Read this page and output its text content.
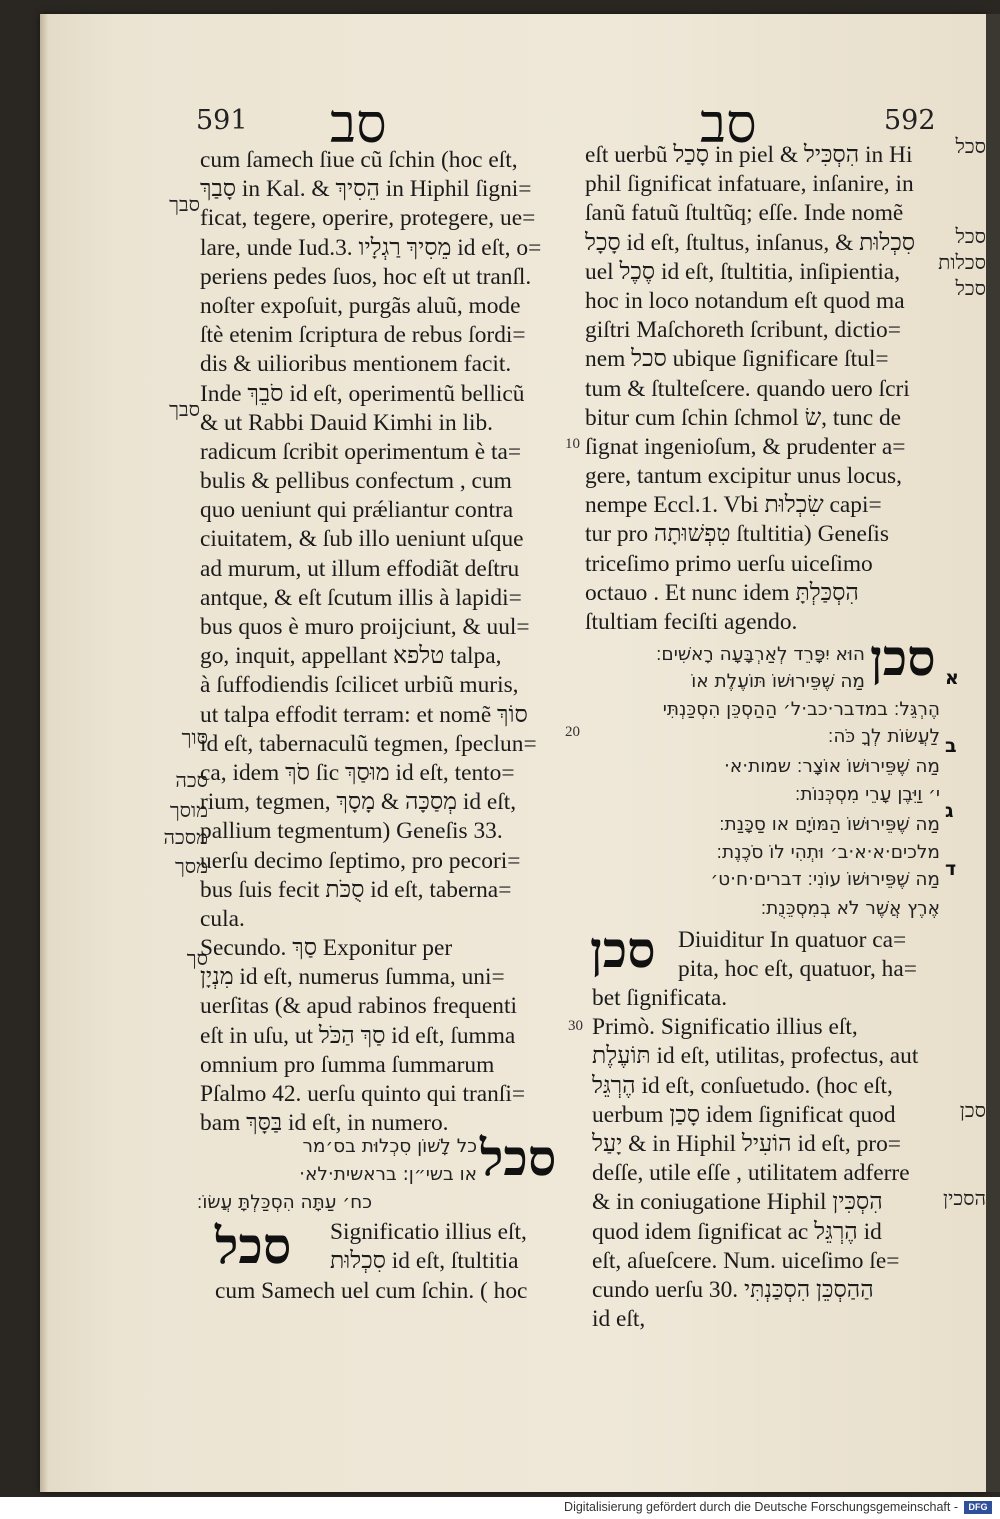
591 סב	סב	592
סבך
סבך
סוך
סכה
מוסך
מסכה
מסך
סך
cum ſamech ſiue cũ ſchin (hoc eſt,
סָבַךְ in Kal. & הֵסִיךְ in Hiphil ſigni=
ficat, tegere, operire, protegere, ue=
lare, unde Iud.3. מֵסִיךְ רַגְלָיו id eſt, o=
periens pedes ſuos, hoc eſt ut tranſl.
noſter expoſuit, purgãs aluũ, mode
ſtè etenim ſcriptura de rebus ſordi=
dis & uilioribus mentionem facit.
Inde סֹבֵךְ id eſt, operimentũ bellicũ
& ut Rabbi Dauid Kimhi in lib.
radicum ſcribit operimentum è ta=
bulis & pellibus confectum , cum
quo ueniunt qui prǽliantur contra
ciuitatem, & ſub illo ueniunt uſque
ad murum, ut illum effodiãt deſtru
antque, & eſt ſcutum illis à lapidi=
bus quos è muro proijciunt, & uul=
go, inquit, appellant טלפא talpa,
à ſuffodiendis ſcilicet urbiũ muris,
ut talpa effodit terram: et nomẽ סוֹךְ
id eſt, tabernaculũ tegmen, ſpeclun=
ca, idem סֹךְ ſic מוּסַךְ id eſt, tento=
rium, tegmen, מְסַכָּה & מָסָךְ id eſt,
pallium tegmentum) Geneſis 33.
uerſu decimo ſeptimo, pro pecori=
bus ſuis fecit סֻכֹּת id eſt, taberna=
cula.
Secundo. סַךְ Exponitur per
מִנְיָן id eſt, numerus ſumma, uni=
uerſitas (& apud rabinos frequenti
eſt in uſu, ut סַךְ הַכֹּל id eſt, ſumma
omnium pro ſumma ſummarum
Pſalmo 42. uerſu quinto qui tranſi=
bam בַּסָּךְ id eſt, in numero.
סכל
כל לָשׁוֹן סִכְלוּת בס׳מר
או בשי״ן: בראשית·לא·
כח׳ עַתָּה הִסְכַּלְתָּ עֲשׂוֹ׃
סכל Significatio illius eſt,
סִכְלוּת id eſt, ſtultitia
cum Samech uel cum ſchin. ( hoc
10
20
30
eſt uerbũ סָכַל in piel & הִסְכִּיל in Hi
phil ſignificat infatuare, inſanire, in
ſanũ fatuũ ſtultũq; eſſe. Inde nomẽ
סָכָל id eſt, ſtultus, inſanus, & סִכְלוּת
uel סֶכֶל id eſt, ſtultitia, inſipientia,
hoc in loco notandum eſt quod ma
giſtri Maſchoreth ſcribunt, dictio=
nem סכל ubique ſignificare ſtul=
tum & ſtulteſcere. quando uero ſcri
bitur cum ſchin ſchmol שׂ, tunc de
ſignat ingenioſum, & prudenter a=
gere, tantum excipitur unus locus,
nempe Eccl.1. Vbi שִׂכְלוּת capi=
tur pro טִפְשׁוּתָה ſtultitia) Geneſis
triceſimo primo uerſu uiceſimo
octauo . Et nunc idem הִסְכַּלְתָּ
ſtultiam feciſti agendo.
סכן
הוּא יִפָּרֵד לְאַרְבָּעָה רָאשִׁים׃
מַה שֶׁפֵּירוּשׁוֹ תּוֹעֶלֶת אוֹ
הֶרְגֵּל׃ במדבר·כב·ל׳ הַהַסְכֵּן הִסְכַּנְתִּי
לַעֲשׂוֹת לְךָ כֹּה׃
מַה שֶׁפֵּירוּשׁוֹ אוֹצָר׃ שמות·א·
י׳ וַיִּבֶן עָרֵי מִסְכְּנוֹת׃
מַה שֶׁפֵּירוּשׁוֹ הַמּוֹיָם או סַכָּנַת׃
מלכים·א·א·ב׳ וּתְהִי לוֹ סֹכֶנֶת׃
מַה שֶׁפֵּירוּשׁוֹ עוֹנִי׃ דברים·ח·ט׳
אֶרֶץ אֲשֶׁר לֹא בְמִסְכֵּנֻת׃
א
ב
ג
ד
סכן Diuiditur In quatuor ca=
pita, hoc eſt, quatuor, ha=
bet ſignificata.
Primò. Significatio illius eſt,
תּוֹעֶלֶת id eſt, utilitas, profectus, aut
הֶרְגֵּל id eſt, conſuetudo. (hoc eſt,
uerbum סָכַן idem ſignificat quod
יָעַל & in Hiphil הוֹעִיל id eſt, pro=
deſſe, utile eſſe , utilitatem adferre
& in coniugatione Hiphil הִסְכִּין
quod idem ſignificat ac הֶרְגֵּל id
eſt, aſueſcere. Num. uiceſimo ſe=
cundo uerſu 30. הַהַסְכֵּן הִסְכַּנְתִּי
id eſt,
סכל
סכל
סכלות
סכל
סכן
הסכין
Digitalisierung gefördert durch die Deutsche Forschungsgemeinschaft -	DFG
